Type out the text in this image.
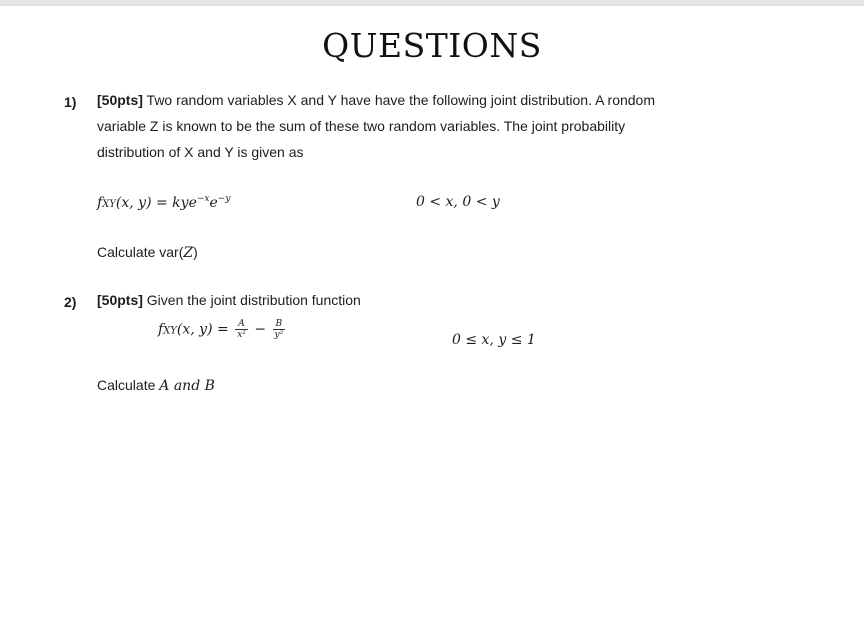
QUESTIONS
1) [50pts] Two random variables X and Y have have the following joint distribution. A rondom
variable Z is known to be the sum of these two random variables. The joint probability
distribution of X and Y is given as
fXY(x, $y) = kye^{-x}e^{-y}$	0 < x, 0 < y
Calculate var(Z)
2) [50pts] Given the joint distribution function
fXY(x, $y) = \frac{A}{\text{x²}} - \frac{B}{\text{y²}}$	0 ≤ x, y ≤ 1
Calculate A and B
